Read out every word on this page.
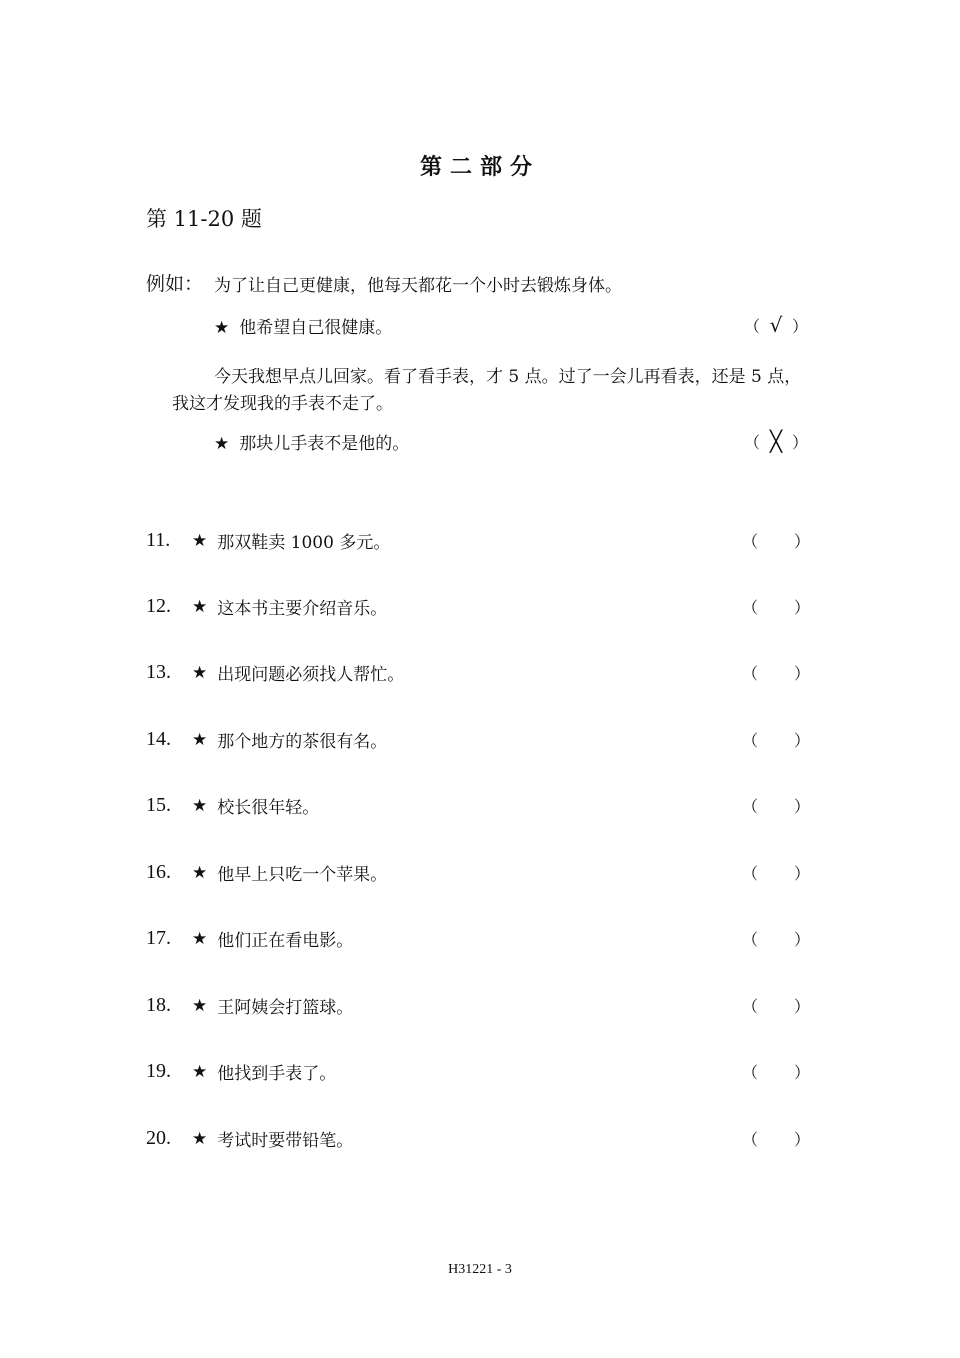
第二部分
第 11-20 题
例如： 为了让自己更健康，他每天都花一个小时去锻炼身体。
★ 他希望自己很健康。	（ √ ）
今天我想早点儿回家。看了看手表，才 5 点。过了一会儿再看表，还是 5 点，我这才发现我的手表不走了。
★ 那块儿手表不是他的。	（ ╳ ）
11.	★ 那双鞋卖 1000 多元。	（ ）
12.	★ 这本书主要介绍音乐。	（ ）
13.	★ 出现问题必须找人帮忙。	（ ）
14.	★ 那个地方的茶很有名。	（ ）
15.	★ 校长很年轻。	（ ）
16.	★ 他早上只吃一个苹果。	（ ）
17.	★ 他们正在看电影。	（ ）
18.	★ 王阿姨会打篮球。	（ ）
19.	★ 他找到手表了。	（ ）
20.	★ 考试时要带铅笔。	（ ）
H31221 - 3
